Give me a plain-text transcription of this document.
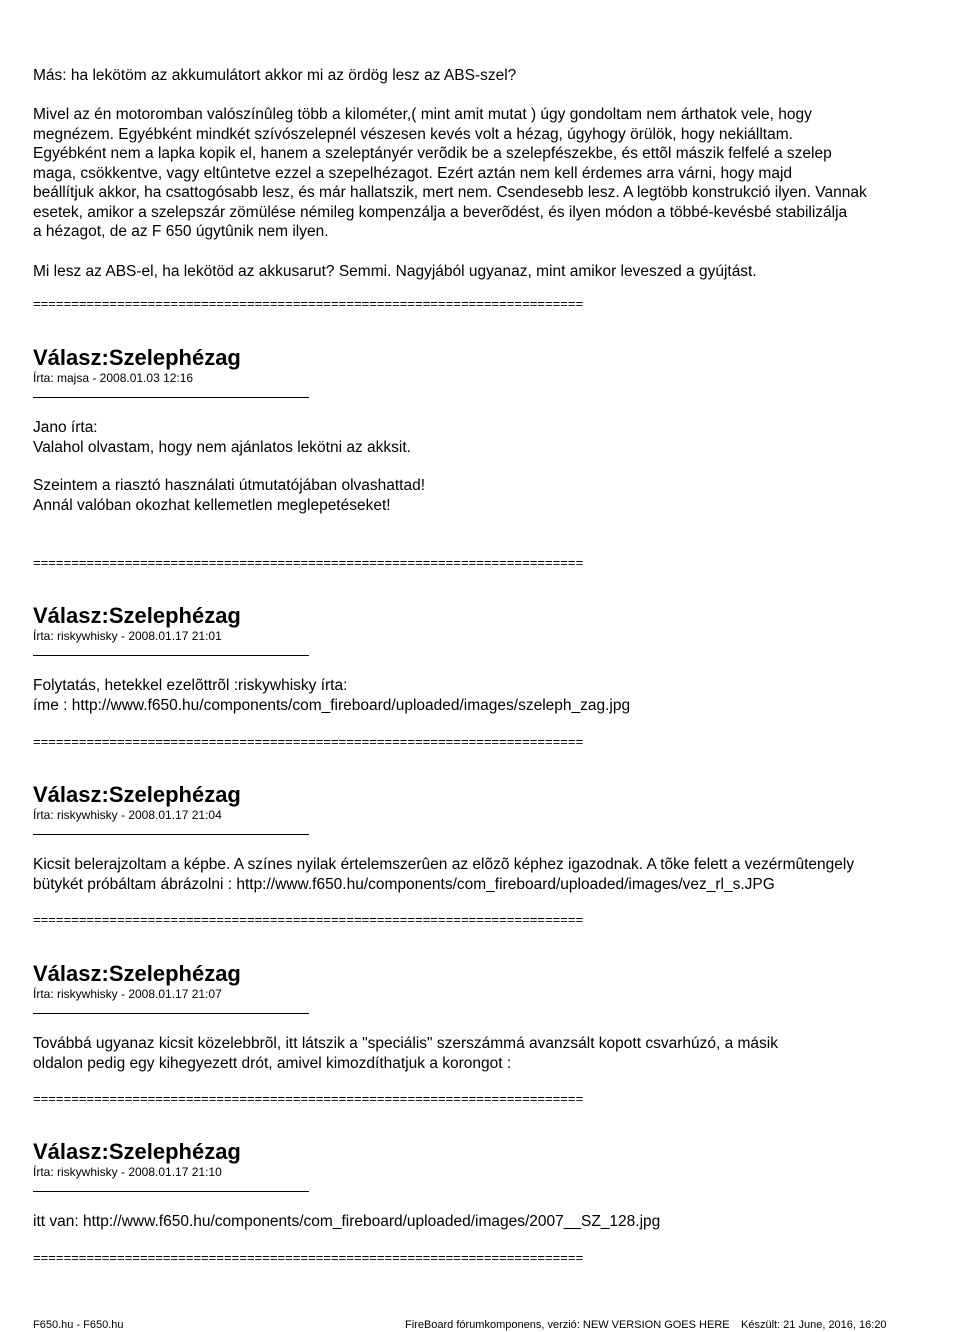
Más: ha lekötöm az akkumulátort akkor mi az ördög lesz az ABS-szel?

Mivel az én motoromban valószínûleg több a kilométer,( mint amit mutat ) úgy gondoltam nem árthatok vele, hogy
megnézem. Egyébként mindkét szívószelepnél vészesen kevés volt a hézag, úgyhogy örülök, hogy nekiálltam.
Egyébként nem a lapka kopik el, hanem a szeleptányér verõdik be a szelepfészekbe, és ettõl mászik felfelé a szelep
maga, csökkentve, vagy eltûntetve ezzel a szepelhézagot. Ezért aztán nem kell érdemes arra várni, hogy majd
beállítjuk akkor, ha csattogósabb lesz, és már hallatszik, mert nem. Csendesebb lesz. A legtöbb konstrukció ilyen. Vannak
esetek, amikor a szelepszár zömülése némileg kompenzálja a beverõdést, és ilyen módon a többé-kevésbé stabilizálja
a hézagot, de az F 650 úgytûnik nem ilyen.

Mi lesz az ABS-el, ha lekötöd az akkusarut? Semmi. Nagyjából ugyanaz, mint amikor leveszed a gyújtást.

========================================================================
Válasz:Szelephézag

Írta: majsa - 2008.01.03 12:16

Jano írta:
Valahol olvastam, hogy nem ajánlatos lekötni az akksit.
Szeintem a riasztó használati útmutatójában olvashattad!
Annál valóban okozhat kellemetlen meglepetéseket!
========================================================================
Válasz:Szelephézag

Írta: riskywhisky - 2008.01.17 21:01

Folytatás, hetekkel ezelõttrõl :riskywhisky írta:
íme : http://www.f650.hu/components/com_fireboard/uploaded/images/szeleph_zag.jpg
========================================================================
Válasz:Szelephézag

Írta: riskywhisky - 2008.01.17 21:04

Kicsit belerajzoltam a képbe. A színes nyilak értelemszerûen az elõzõ képhez igazodnak. A tõke felett a vezérmûtengely
bütykét próbáltam ábrázolni : http://www.f650.hu/components/com_fireboard/uploaded/images/vez_rl_s.JPG
========================================================================
Válasz:Szelephézag

Írta: riskywhisky - 2008.01.17 21:07

Továbbá ugyanaz kicsit közelebbrõl, itt látszik a "speciális" szerszámmá avanzsált kopott csvarhúzó, a másik
oldalon pedig egy kihegyezett drót, amivel kimozdíthatjuk a korongot :
========================================================================
Válasz:Szelephézag

Írta: riskywhisky - 2008.01.17 21:10

itt van: http://www.f650.hu/components/com_fireboard/uploaded/images/2007__SZ_128.jpg
========================================================================
F650.hu - F650.hu	FireBoard fórumkomponens, verzió: NEW VERSION GOES HERE Készült: 21 June, 2016, 16:20
